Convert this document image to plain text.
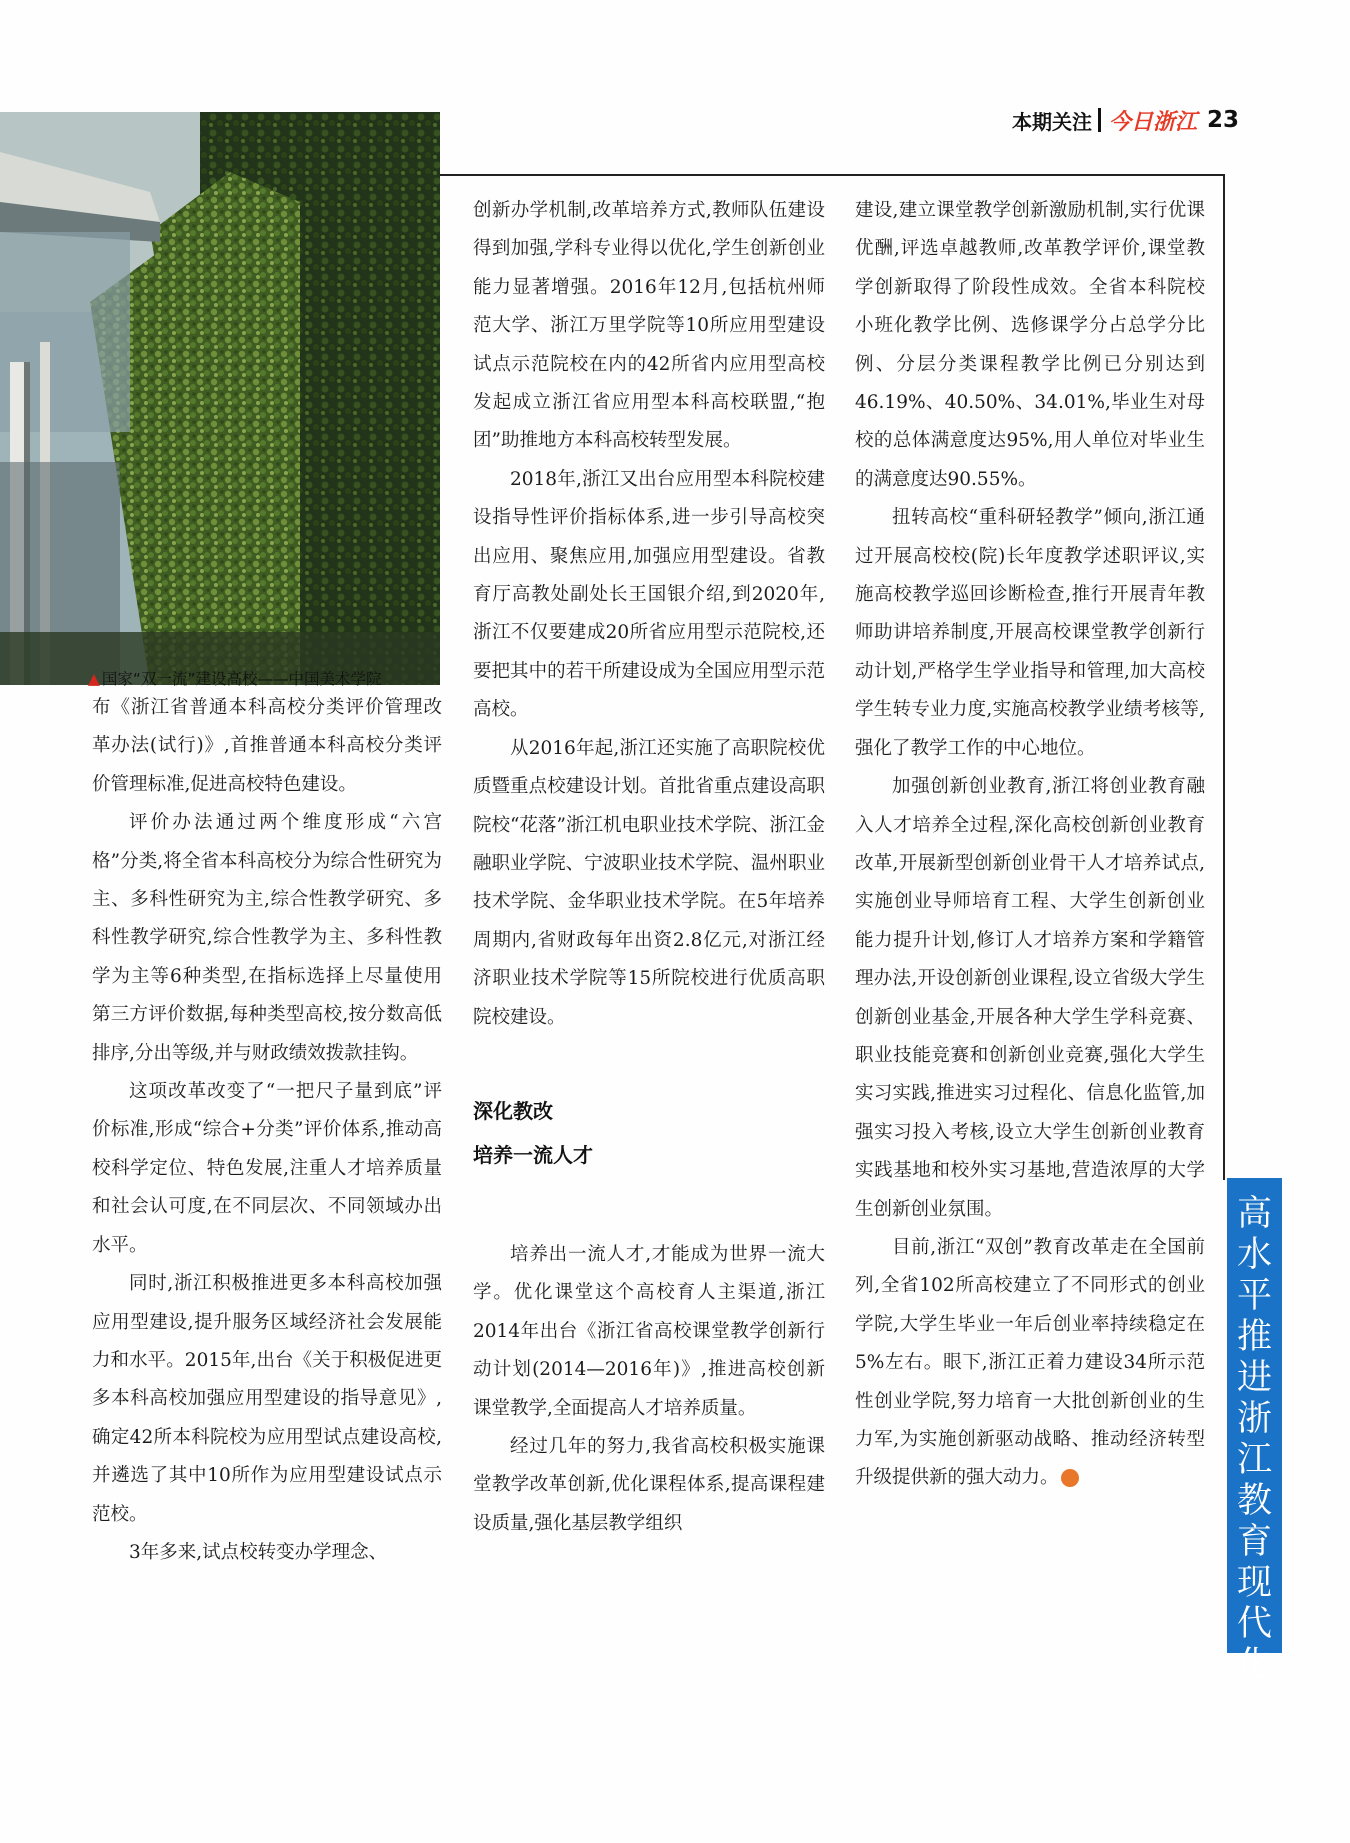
本期关注 今日浙江 23
▲ 国家“双一流”建设高校——中国美术学院

布《浙江省普通本科高校分类评价管理改革办法(试行)》,首推普通本科高校分类评价管理标准,促进高校特色建设。

评价办法通过两个维度形成“六宫格”分类,将全省本科高校分为综合性研究为主、多科性研究为主,综合性教学研究、多科性教学研究,综合性教学为主、多科性教学为主等6种类型,在指标选择上尽量使用第三方评价数据,每种类型高校,按分数高低排序,分出等级,并与财政绩效拨款挂钩。

这项改革改变了“一把尺子量到底”评价标准,形成“综合+分类”评价体系,推动高校科学定位、特色发展,注重人才培养质量和社会认可度,在不同层次、不同领域办出水平。

同时,浙江积极推进更多本科高校加强应用型建设,提升服务区域经济社会发展能力和水平。2015年,出台《关于积极促进更多本科高校加强应用型建设的指导意见》,确定42所本科院校为应用型试点建设高校,并遴选了其中10所作为应用型建设试点示范校。

3年多来,试点校转变办学理念、

创新办学机制,改革培养方式,教师队伍建设得到加强,学科专业得以优化,学生创新创业能力显著增强。2016年12月,包括杭州师范大学、浙江万里学院等10所应用型建设试点示范院校在内的42所省内应用型高校发起成立浙江省应用型本科高校联盟,“抱团”助推地方本科高校转型发展。

2018年,浙江又出台应用型本科院校建设指导性评价指标体系,进一步引导高校突出应用、聚焦应用,加强应用型建设。省教育厅高教处副处长王国银介绍,到2020年,浙江不仅要建成20所省应用型示范院校,还要把其中的若干所建设成为全国应用型示范高校。

从2016年起,浙江还实施了高职院校优质暨重点校建设计划。首批省重点建设高职院校“花落”浙江机电职业技术学院、浙江金融职业学院、宁波职业技术学院、温州职业技术学院、金华职业技术学院。在5年培养周期内,省财政每年出资2.8亿元,对浙江经济职业技术学院等15所院校进行优质高职院校建设。

深化教改
培养一流人才

培养出一流人才,才能成为世界一流大学。优化课堂这个高校育人主渠道,浙江2014年出台《浙江省高校课堂教学创新行动计划(2014—2016年)》,推进高校创新课堂教学,全面提高人才培养质量。

经过几年的努力,我省高校积极实施课堂教学改革创新,优化课程体系,提高课程建设质量,强化基层教学组织

建设,建立课堂教学创新激励机制,实行优课优酬,评选卓越教师,改革教学评价,课堂教学创新取得了阶段性成效。全省本科院校小班化教学比例、选修课学分占总学分比例、分层分类课程教学比例已分别达到46.19%、40.50%、34.01%,毕业生对母校的总体满意度达95%,用人单位对毕业生的满意度达90.55%。

扭转高校“重科研轻教学”倾向,浙江通过开展高校校(院)长年度教学述职评议,实施高校教学巡回诊断检查,推行开展青年教师助讲培养制度,开展高校课堂教学创新行动计划,严格学生学业指导和管理,加大高校学生转专业力度,实施高校教学业绩考核等,强化了教学工作的中心地位。

加强创新创业教育,浙江将创业教育融入人才培养全过程,深化高校创新创业教育改革,开展新型创新创业骨干人才培养试点,实施创业导师培育工程、大学生创新创业能力提升计划,修订人才培养方案和学籍管理办法,开设创新创业课程,设立省级大学生创新创业基金,开展各种大学生学科竞赛、职业技能竞赛和创新创业竞赛,强化大学生实习实践,推进实习过程化、信息化监管,加强实习投入考核,设立大学生创新创业教育实践基地和校外实习基地,营造浓厚的大学生创新创业氛围。

目前,浙江“双创”教育改革走在全国前列,全省102所高校建立了不同形式的创业学院,大学生毕业一年后创业率持续稳定在5%左右。眼下,浙江正着力建设34所示范性创业学院,努力培育一大批创新创业的生力军,为实施创新驱动战略、推动经济转型升级提供新的强大动力。	今

高水平推进浙江教育现代化
